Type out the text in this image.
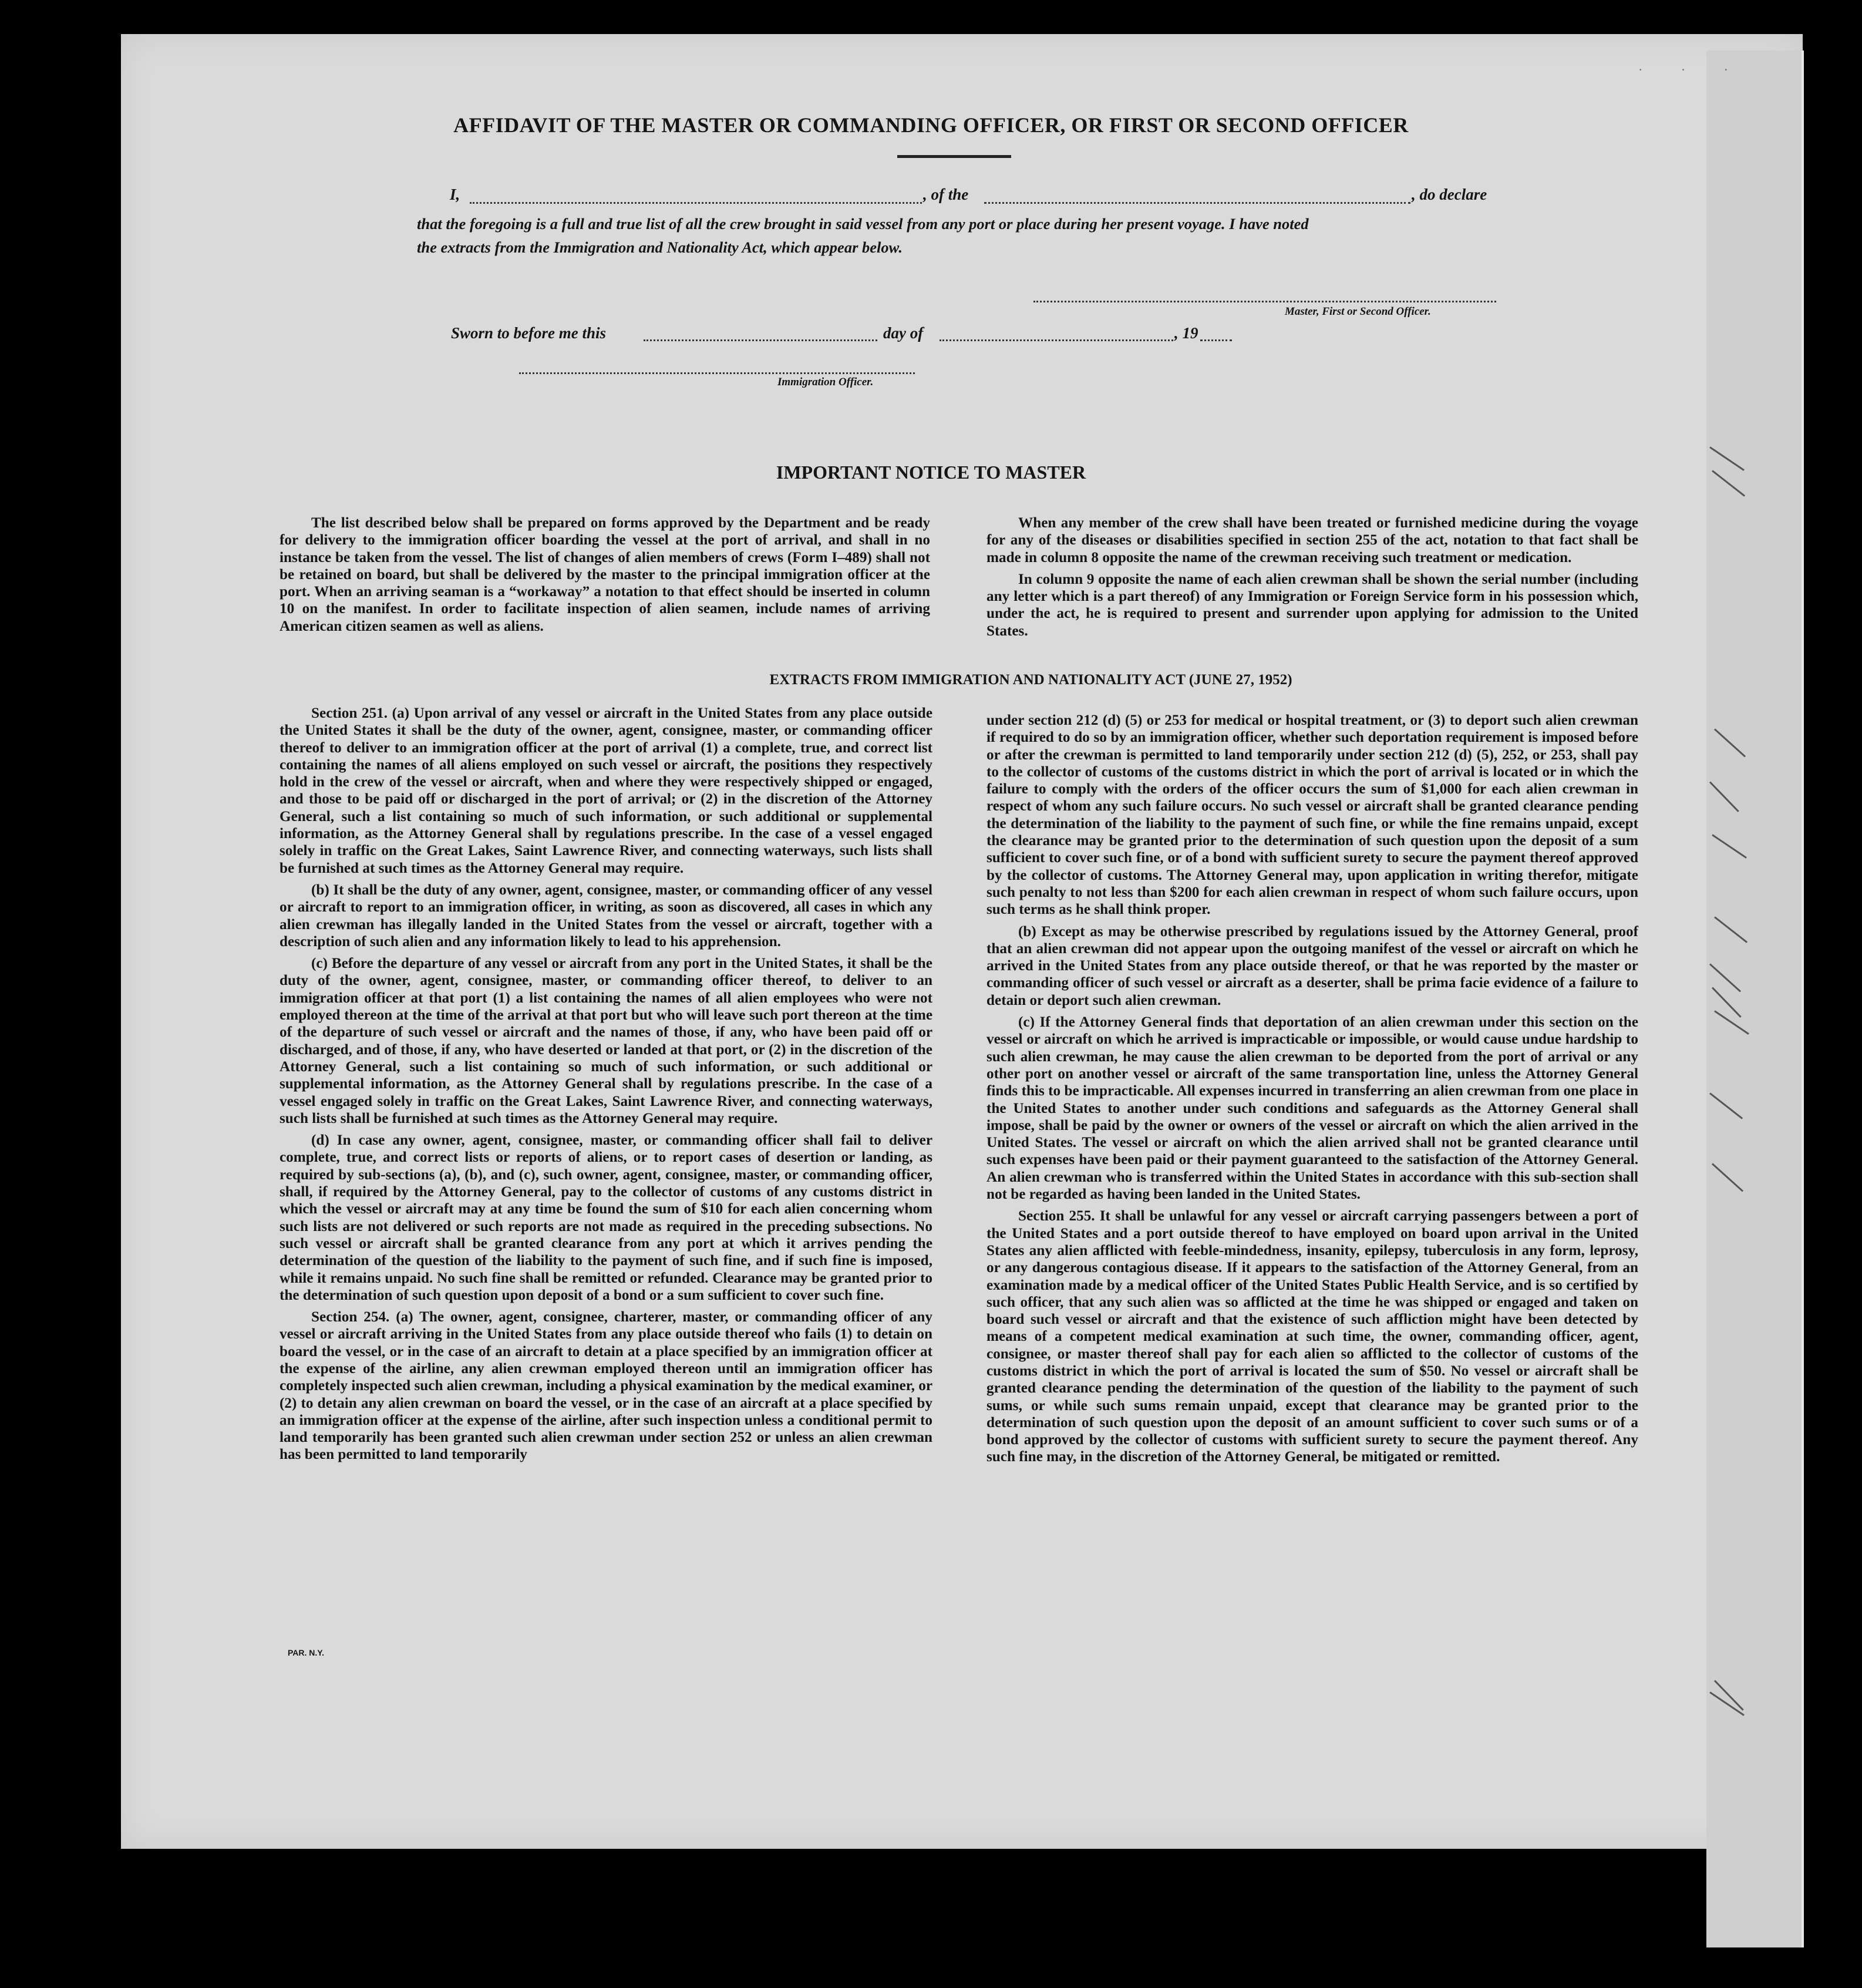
· · ·
AFFIDAVIT OF THE MASTER OR COMMANDING OFFICER, OR FIRST OR SECOND OFFICER
I,	, of the	, do declare
that the foregoing is a full and true list of all the crew brought in said vessel from any port or place during her present voyage. I have noted
the extracts from the Immigration and Nationality Act, which appear below.
Master, First or Second Officer.
Sworn to before me this	day of	, 19
Immigration Officer.
IMPORTANT NOTICE TO MASTER

The list described below shall be prepared on forms approved by the Department and be ready for delivery to the immigration officer boarding the vessel at the port of arrival, and shall in no instance be taken from the vessel. The list of changes of alien members of crews (Form I–489) shall not be retained on board, but shall be delivered by the master to the principal immigration officer at the port. When an arriving seaman is a “workaway” a notation to that effect should be inserted in column 10 on the manifest. In order to facilitate inspection of alien seamen, include names of arriving American citizen seamen as well as aliens.

When any member of the crew shall have been treated or furnished medicine during the voyage for any of the diseases or disabilities specified in section 255 of the act, notation to that fact shall be made in column 8 opposite the name of the crewman receiving such treatment or medication.

In column 9 opposite the name of each alien crewman shall be shown the serial number (including any letter which is a part thereof) of any Immigration or Foreign Service form in his possession which, under the act, he is required to present and surrender upon applying for admission to the United States.

EXTRACTS FROM IMMIGRATION AND NATIONALITY ACT (JUNE 27, 1952)

Section 251. (a) Upon arrival of any vessel or aircraft in the United States from any place outside the United States it shall be the duty of the owner, agent, consignee, master, or commanding officer thereof to deliver to an immigration officer at the port of arrival (1) a complete, true, and correct list containing the names of all aliens employed on such vessel or aircraft, the positions they respectively hold in the crew of the vessel or aircraft, when and where they were respectively shipped or engaged, and those to be paid off or discharged in the port of arrival; or (2) in the discretion of the Attorney General, such a list containing so much of such information, or such additional or supplemental information, as the Attorney General shall by regulations prescribe. In the case of a vessel engaged solely in traffic on the Great Lakes, Saint Lawrence River, and connecting waterways, such lists shall be furnished at such times as the Attorney General may require.

(b) It shall be the duty of any owner, agent, consignee, master, or commanding officer of any vessel or aircraft to report to an immigration officer, in writing, as soon as discovered, all cases in which any alien crewman has illegally landed in the United States from the vessel or aircraft, together with a description of such alien and any information likely to lead to his apprehension.

(c) Before the departure of any vessel or aircraft from any port in the United States, it shall be the duty of the owner, agent, consignee, master, or commanding officer thereof, to deliver to an immigration officer at that port (1) a list containing the names of all alien employees who were not employed thereon at the time of the arrival at that port but who will leave such port thereon at the time of the departure of such vessel or aircraft and the names of those, if any, who have been paid off or discharged, and of those, if any, who have deserted or landed at that port, or (2) in the discretion of the Attorney General, such a list containing so much of such information, or such additional or supplemental information, as the Attorney General shall by regulations prescribe. In the case of a vessel engaged solely in traffic on the Great Lakes, Saint Lawrence River, and connecting waterways, such lists shall be furnished at such times as the Attorney General may require.

(d) In case any owner, agent, consignee, master, or commanding officer shall fail to deliver complete, true, and correct lists or reports of aliens, or to report cases of desertion or landing, as required by sub-sections (a), (b), and (c), such owner, agent, consignee, master, or commanding officer, shall, if required by the Attorney General, pay to the collector of customs of any customs district in which the vessel or aircraft may at any time be found the sum of $10 for each alien concerning whom such lists are not delivered or such reports are not made as required in the preceding subsections. No such vessel or aircraft shall be granted clearance from any port at which it arrives pending the determination of the question of the liability to the payment of such fine, and if such fine is imposed, while it remains unpaid. No such fine shall be remitted or refunded. Clearance may be granted prior to the determination of such question upon deposit of a bond or a sum sufficient to cover such fine.

Section 254. (a) The owner, agent, consignee, charterer, master, or commanding officer of any vessel or aircraft arriving in the United States from any place outside thereof who fails (1) to detain on board the vessel, or in the case of an aircraft to detain at a place specified by an immigration officer at the expense of the airline, any alien crewman employed thereon until an immigration officer has completely inspected such alien crewman, including a physical examination by the medical examiner, or (2) to detain any alien crewman on board the vessel, or in the case of an aircraft at a place specified by an immigration officer at the expense of the airline, after such inspection unless a conditional permit to land temporarily has been granted such alien crewman under section 252 or unless an alien crewman has been permitted to land temporarily

under section 212 (d) (5) or 253 for medical or hospital treatment, or (3) to deport such alien crewman if required to do so by an immigration officer, whether such deportation requirement is imposed before or after the crewman is permitted to land temporarily under section 212 (d) (5), 252, or 253, shall pay to the collector of customs of the customs district in which the port of arrival is located or in which the failure to comply with the orders of the officer occurs the sum of $1,000 for each alien crewman in respect of whom any such failure occurs. No such vessel or aircraft shall be granted clearance pending the determination of the liability to the payment of such fine, or while the fine remains unpaid, except the clearance may be granted prior to the determination of such question upon the deposit of a sum sufficient to cover such fine, or of a bond with sufficient surety to secure the payment thereof approved by the collector of customs. The Attorney General may, upon application in writing therefor, mitigate such penalty to not less than $200 for each alien crewman in respect of whom such failure occurs, upon such terms as he shall think proper.

(b) Except as may be otherwise prescribed by regulations issued by the Attorney General, proof that an alien crewman did not appear upon the outgoing manifest of the vessel or aircraft on which he arrived in the United States from any place outside thereof, or that he was reported by the master or commanding officer of such vessel or aircraft as a deserter, shall be prima facie evidence of a failure to detain or deport such alien crewman.

(c) If the Attorney General finds that deportation of an alien crewman under this section on the vessel or aircraft on which he arrived is impracticable or impossible, or would cause undue hardship to such alien crewman, he may cause the alien crewman to be deported from the port of arrival or any other port on another vessel or aircraft of the same transportation line, unless the Attorney General finds this to be impracticable. All expenses incurred in transferring an alien crewman from one place in the United States to another under such conditions and safeguards as the Attorney General shall impose, shall be paid by the owner or owners of the vessel or aircraft on which the alien arrived in the United States. The vessel or aircraft on which the alien arrived shall not be granted clearance until such expenses have been paid or their payment guaranteed to the satisfaction of the Attorney General. An alien crewman who is transferred within the United States in accordance with this sub-section shall not be regarded as having been landed in the United States.

Section 255. It shall be unlawful for any vessel or aircraft carrying passengers between a port of the United States and a port outside thereof to have employed on board upon arrival in the United States any alien afflicted with feeble-mindedness, insanity, epilepsy, tuberculosis in any form, leprosy, or any dangerous contagious disease. If it appears to the satisfaction of the Attorney General, from an examination made by a medical officer of the United States Public Health Service, and is so certified by such officer, that any such alien was so afflicted at the time he was shipped or engaged and taken on board such vessel or aircraft and that the existence of such affliction might have been detected by means of a competent medical examination at such time, the owner, commanding officer, agent, consignee, or master thereof shall pay for each alien so afflicted to the collector of customs of the customs district in which the port of arrival is located the sum of $50. No vessel or aircraft shall be granted clearance pending the determination of the question of the liability to the payment of such sums, or while such sums remain unpaid, except that clearance may be granted prior to the determination of such question upon the deposit of an amount sufficient to cover such sums or of a bond approved by the collector of customs with sufficient surety to secure the payment thereof. Any such fine may, in the discretion of the Attorney General, be mitigated or remitted.

PAR. N.Y.
